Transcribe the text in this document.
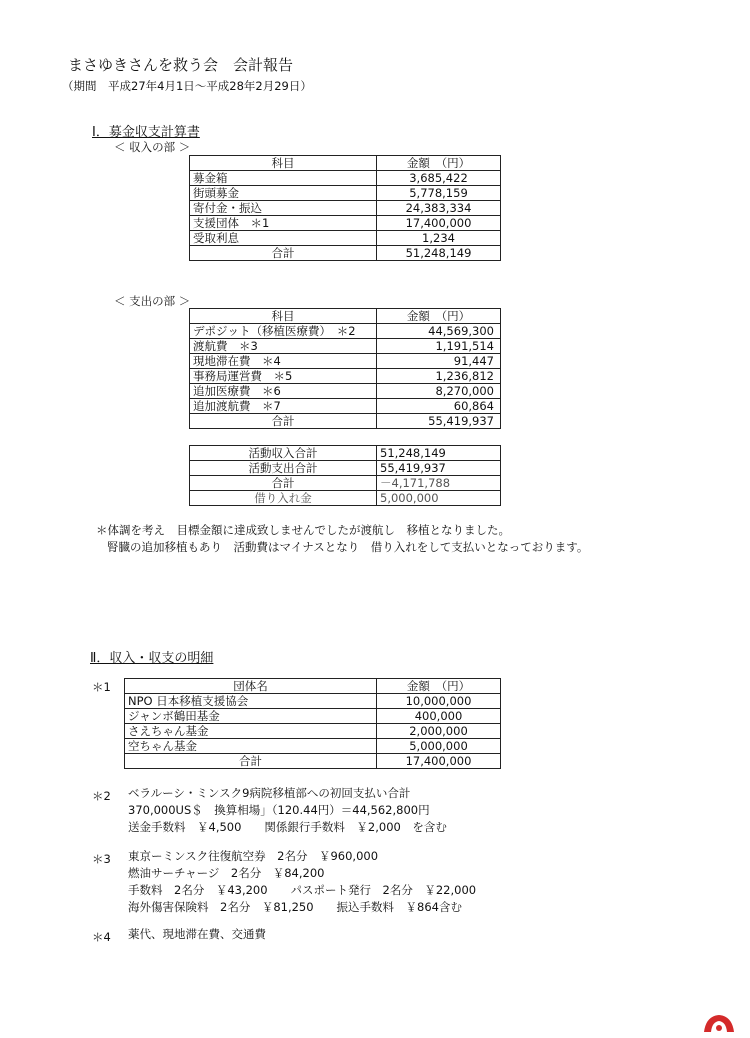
まさゆきさんを救う会　会計報告
（期間　平成27年4月1日～平成28年2月29日）
Ⅰ．募金収支計算書
＜ 収入の部 ＞
科目	金額　（円）
募金箱	3,685,422
街頭募金	5,778,159
寄付金・振込	24,383,334
支援団体　＊1	17,400,000
受取利息	1,234
合計	51,248,149
＜ 支出の部 ＞
科目	金額　（円）
デポジット（移植医療費）　＊2	44,569,300
渡航費　＊3	1,191,514
現地滞在費　＊4	91,447
事務局運営費　＊5	1,236,812
追加医療費　＊6	8,270,000
追加渡航費　＊7	60,864
合計	55,419,937
活動収入合計	51,248,149
活動支出合計	55,419,937
合計	－4,171,788
借り入れ金	5,000,000
＊体調を考え　目標金額に達成致しませんでしたが渡航し　移植となりました。
腎臓の追加移植もあり　活動費はマイナスとなり　借り入れをして支払いとなっております。
Ⅱ．収入・収支の明細
＊1	団体名	金額　（円）
NPO 日本移植支援協会	10,000,000
ジャンボ鶴田基金	400,000
さえちゃん基金	2,000,000
空ちゃん基金	5,000,000
合計	17,400,000
＊2 ベラルーシ・ミンスク9病院移植部への初回支払い合計
370,000US＄　換算相場」（120.44円）＝44,562,800円
送金手数料　￥4,500　　関係銀行手数料　￥2,000　を含む
＊3 東京ーミンスク往復航空券　2名分　￥960,000
燃油サーチャージ　2名分　￥84,200
手数料　2名分　￥43,200　　パスポート発行　2名分　￥22,000
海外傷害保険料　2名分　￥81,250　　振込手数料　￥864含む
＊4 薬代、現地滞在費、交通費
